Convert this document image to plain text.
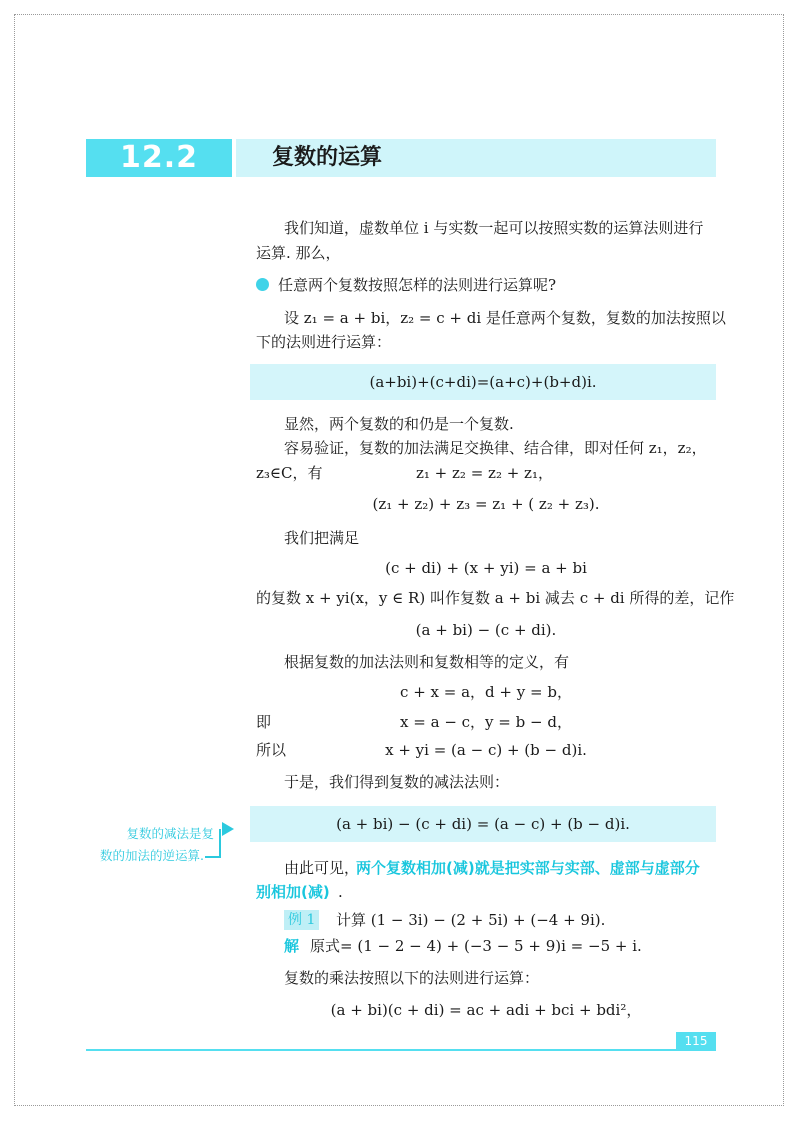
12.2	复数的运算
我们知道，虚数单位 i 与实数一起可以按照实数的运算法则进行
运算. 那么，
任意两个复数按照怎样的法则进行运算呢?
设 z₁ = a + bi，z₂ = c + di 是任意两个复数，复数的加法按照以
下的法则进行运算：
(a+bi)+(c+di)=(a+c)+(b+d)i.
显然，两个复数的和仍是一个复数.
容易验证，复数的加法满足交换律、结合律，即对任何 z₁，z₂，
z₃∈C，有	z₁ + z₂ = z₂ + z₁，
(z₁ + z₂) + z₃ = z₁ + ( z₂ + z₃).
我们把满足
(c + di) + (x + yi) = a + bi
的复数 x + yi(x，y ∈ R) 叫作复数 a + bi 减去 c + di 所得的差，记作
(a + bi) − (c + di).
根据复数的加法法则和复数相等的定义，有
c + x = a，d + y = b，
即	x = a − c，y = b − d，
所以	x + yi = (a − c) + (b − d)i.
于是，我们得到复数的减法法则：
(a + bi) − (c + di) = (a − c) + (b − d)i.
复数的减法是复
数的加法的逆运算.
由此可见，
两个复数相加(减)就是把实部与实部、虚部与虚部分
别相加(减) .
例 1 计算 (1 − 3i) − (2 + 5i) + (−4 + 9i).
解 原式= (1 − 2 − 4) + (−3 − 5 + 9)i = −5 + i.
复数的乘法按照以下的法则进行运算：
(a + bi)(c + di) = ac + adi + bci + bdi²，
115
